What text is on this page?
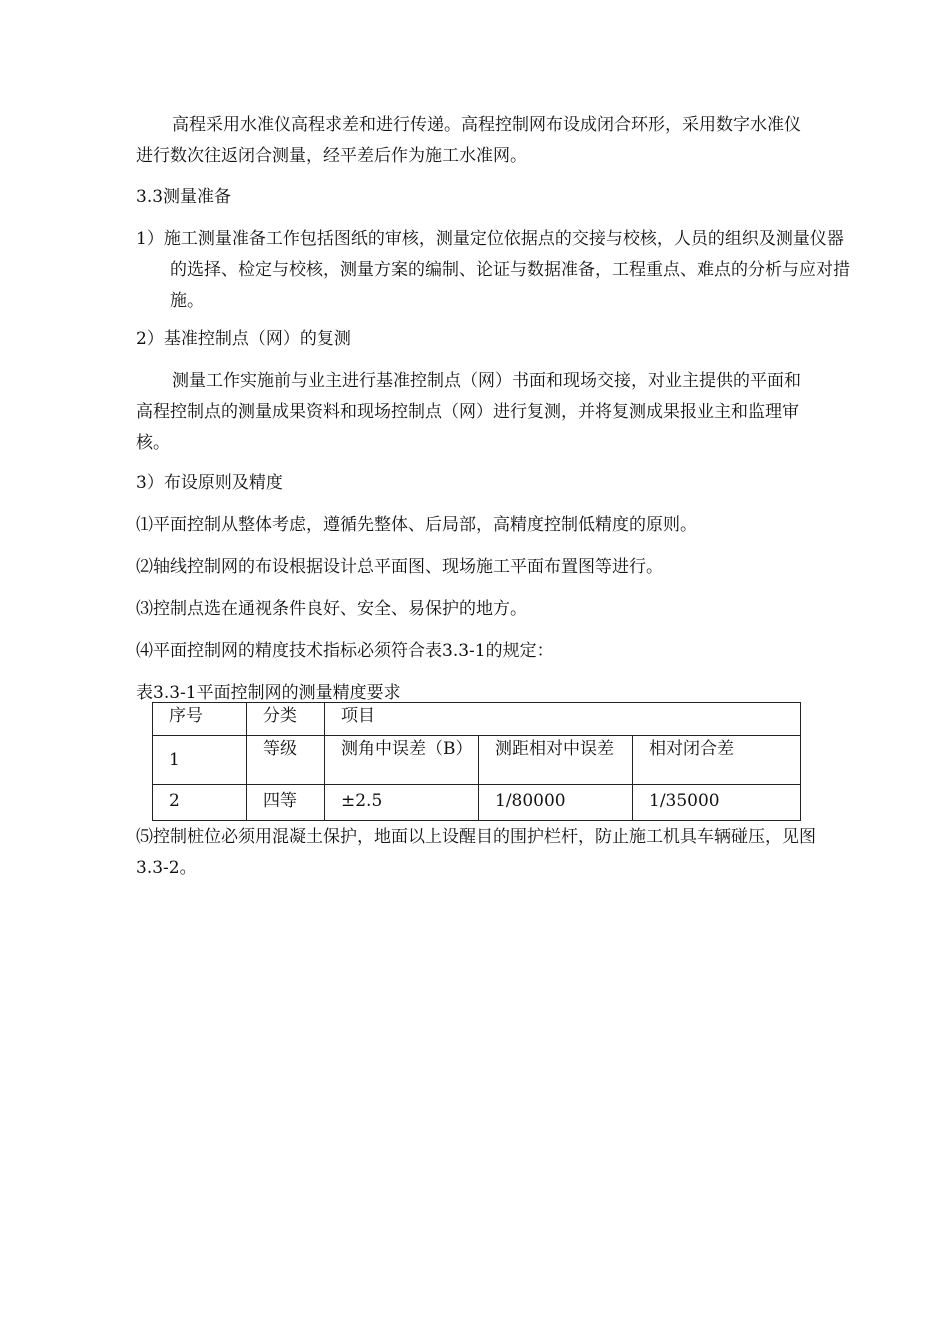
高程采用水准仪高程求差和进行传递。高程控制网布设成闭合环形，采用数字水准仪进行数次往返闭合测量，经平差后作为施工水准网。

3.3测量准备

1）施工测量准备工作包括图纸的审核，测量定位依据点的交接与校核，人员的组织及测量仪器的选择、检定与校核，测量方案的编制、论证与数据准备，工程重点、难点的分析与应对措施。

2）基准控制点（网）的复测

测量工作实施前与业主进行基准控制点（网）书面和现场交接，对业主提供的平面和高程控制点的测量成果资料和现场控制点（网）进行复测，并将复测成果报业主和监理审核。

3）布设原则及精度

⑴平面控制从整体考虑，遵循先整体、后局部，高精度控制低精度的原则。

⑵轴线控制网的布设根据设计总平面图、现场施工平面布置图等进行。

⑶控制点选在通视条件良好、安全、易保护的地方。

⑷平面控制网的精度技术指标必须符合表3.3-1的规定：

表3.3-1平面控制网的测量精度要求

序号	分类	项目		
1	等级	测角中误差（B）	测距相对中误差	相对闭合差
2	四等	±2.5	1/80000	1/35000

⑸控制桩位必须用混凝土保护，地面以上设醒目的围护栏杆，防止施工机具车辆碰压，见图3.3-2。
